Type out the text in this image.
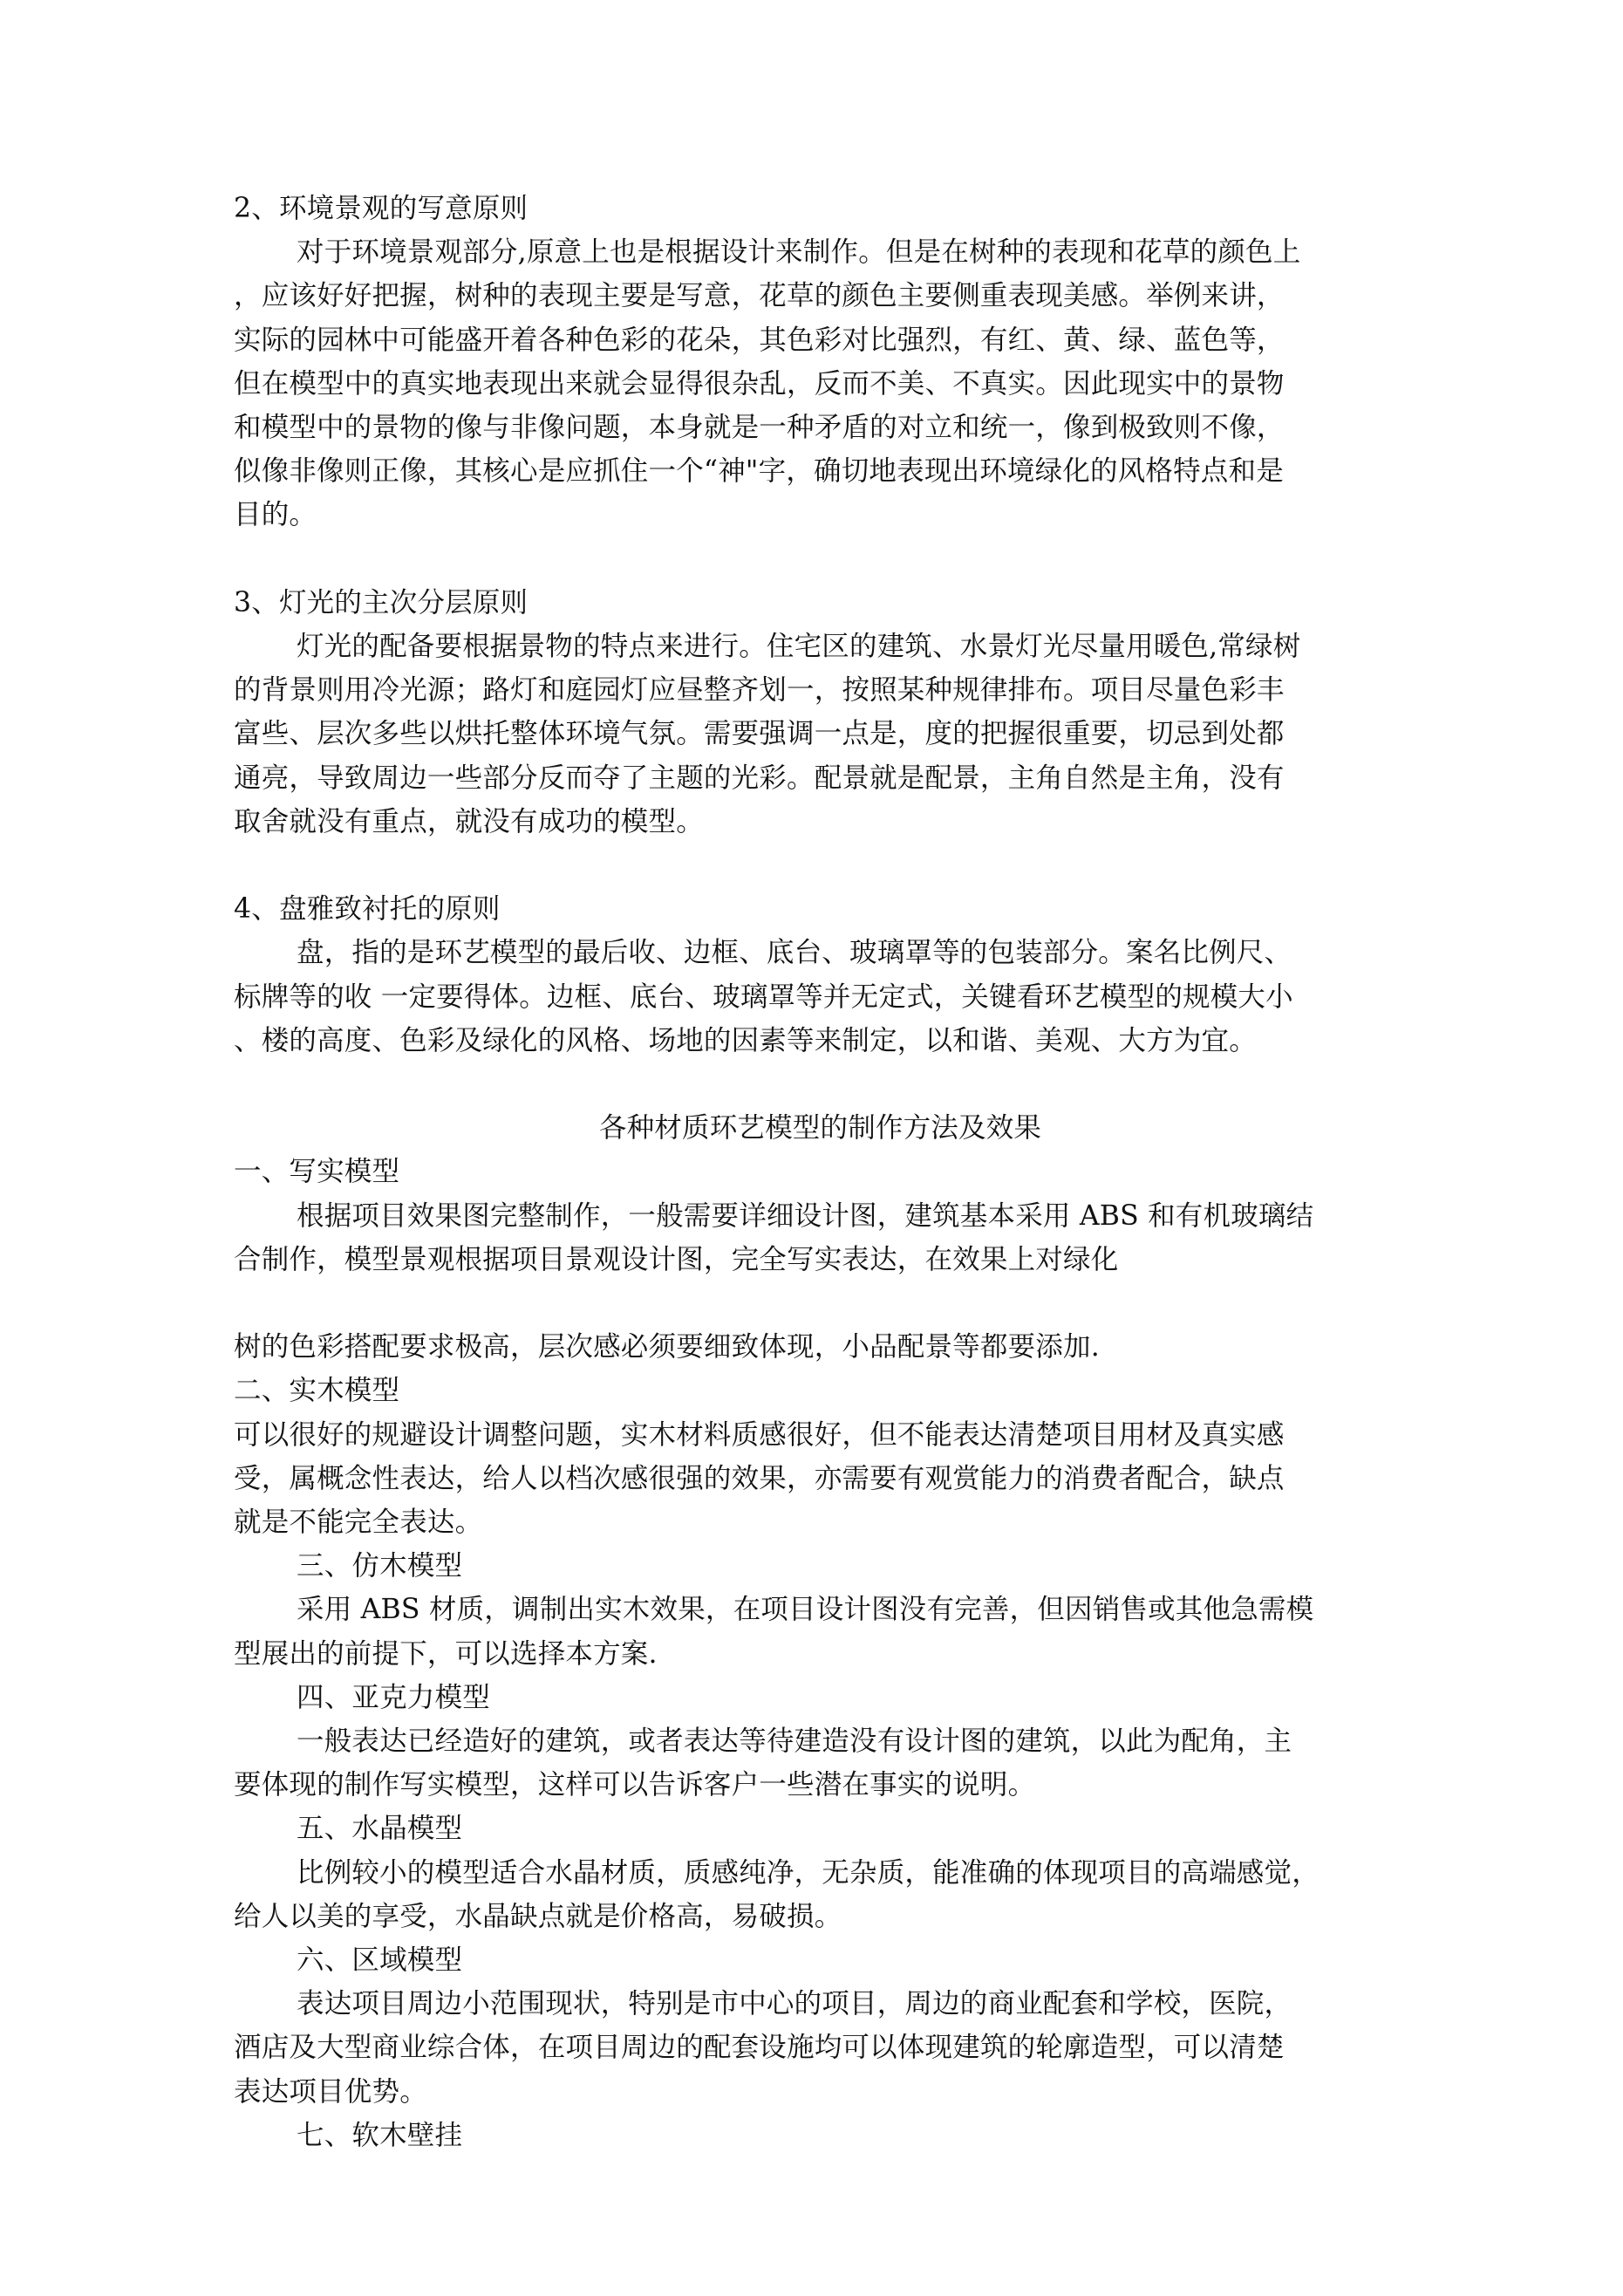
2、环境景观的写意原则

对于环境景观部分,原意上也是根据设计来制作。但是在树种的表现和花草的颜色上

，应该好好把握，树种的表现主要是写意，花草的颜色主要侧重表现美感。举例来讲，

实际的园林中可能盛开着各种色彩的花朵，其色彩对比强烈，有红、黄、绿、蓝色等，

但在模型中的真实地表现出来就会显得很杂乱，反而不美、不真实。因此现实中的景物

和模型中的景物的像与非像问题，本身就是一种矛盾的对立和统一，像到极致则不像，

似像非像则正像，其核心是应抓住一个“神"字，确切地表现出环境绿化的风格特点和是

目的。

3、灯光的主次分层原则

灯光的配备要根据景物的特点来进行。住宅区的建筑、水景灯光尽量用暖色,常绿树

的背景则用冷光源；路灯和庭园灯应昼整齐划一，按照某种规律排布。项目尽量色彩丰

富些、层次多些以烘托整体环境气氛。需要强调一点是，度的把握很重要，切忌到处都

通亮，导致周边一些部分反而夺了主题的光彩。配景就是配景，主角自然是主角，没有

取舍就没有重点，就没有成功的模型。

4、盘雅致衬托的原则

盘，指的是环艺模型的最后收、边框、底台、玻璃罩等的包装部分。案名比例尺、

标牌等的收 一定要得体。边框、底台、玻璃罩等并无定式，关键看环艺模型的规模大小

、楼的高度、色彩及绿化的风格、场地的因素等来制定，以和谐、美观、大方为宜。

各种材质环艺模型的制作方法及效果

一、写实模型

根据项目效果图完整制作，一般需要详细设计图，建筑基本采用 ABS 和有机玻璃结

合制作，模型景观根据项目景观设计图，完全写实表达，在效果上对绿化

树的色彩搭配要求极高，层次感必须要细致体现，小品配景等都要添加.

二、实木模型

可以很好的规避设计调整问题，实木材料质感很好，但不能表达清楚项目用材及真实感

受，属概念性表达，给人以档次感很强的效果，亦需要有观赏能力的消费者配合，缺点

就是不能完全表达。

三、仿木模型

采用 ABS 材质，调制出实木效果，在项目设计图没有完善，但因销售或其他急需模

型展出的前提下，可以选择本方案.

四、亚克力模型

一般表达已经造好的建筑，或者表达等待建造没有设计图的建筑，以此为配角，主

要体现的制作写实模型，这样可以告诉客户一些潜在事实的说明。

五、水晶模型

比例较小的模型适合水晶材质，质感纯净，无杂质，能准确的体现项目的高端感觉，

给人以美的享受，水晶缺点就是价格高，易破损。

六、区域模型

表达项目周边小范围现状，特别是市中心的项目，周边的商业配套和学校，医院，

酒店及大型商业综合体，在项目周边的配套设施均可以体现建筑的轮廓造型，可以清楚

表达项目优势。

七、软木壁挂
